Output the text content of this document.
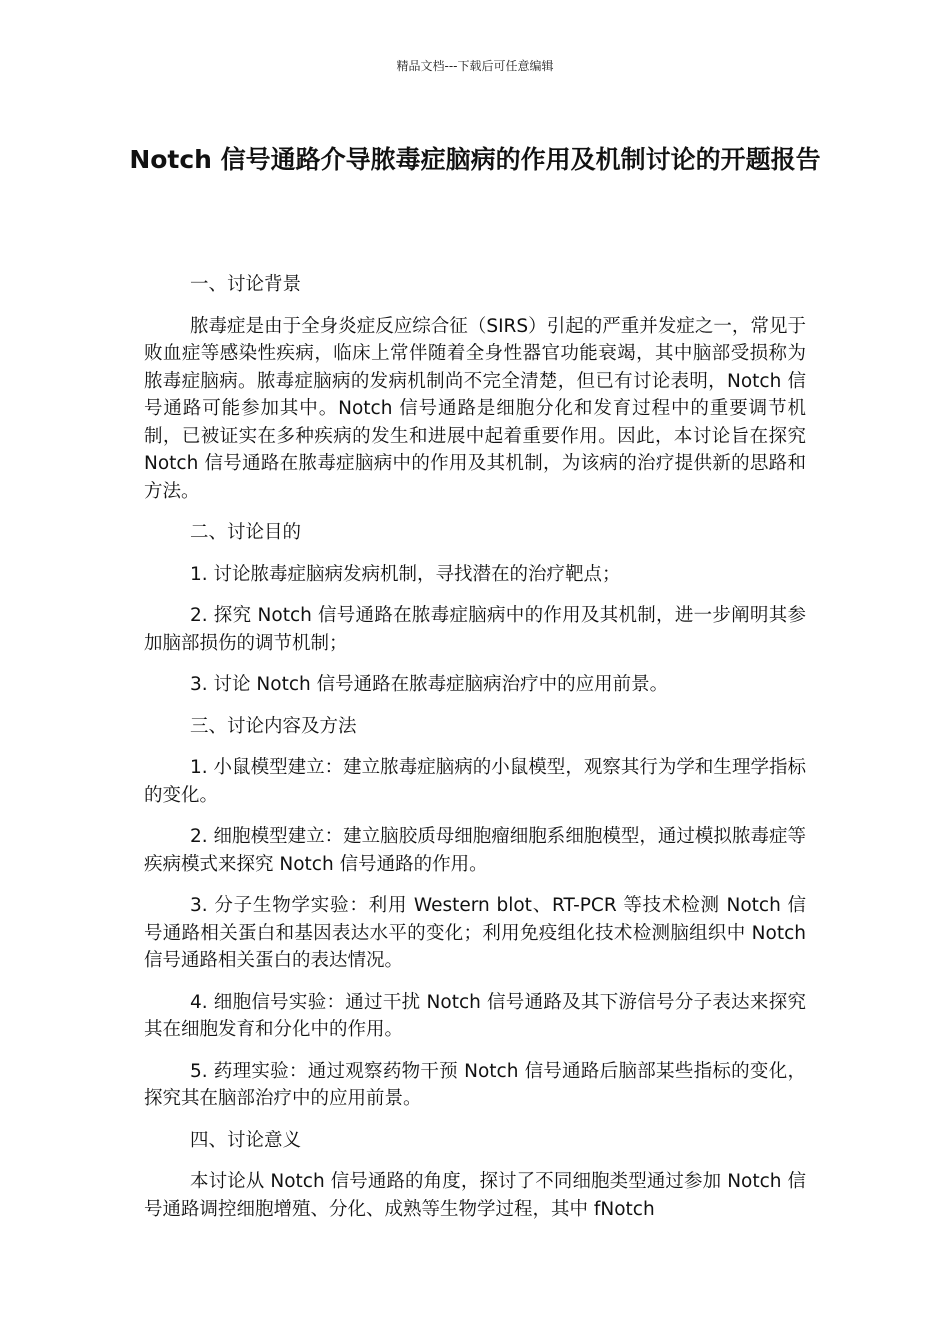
精品文档---下载后可任意编辑
Notch 信号通路介导脓毒症脑病的作用及机制讨论的开题报告

一、讨论背景

脓毒症是由于全身炎症反应综合征（SIRS）引起的严重并发症之一，常见于败血症等感染性疾病，临床上常伴随着全身性器官功能衰竭，其中脑部受损称为脓毒症脑病。脓毒症脑病的发病机制尚不完全清楚，但已有讨论表明，Notch 信号通路可能参加其中。Notch 信号通路是细胞分化和发育过程中的重要调节机制，已被证实在多种疾病的发生和进展中起着重要作用。因此，本讨论旨在探究 Notch 信号通路在脓毒症脑病中的作用及其机制，为该病的治疗提供新的思路和方法。

二、讨论目的

1. 讨论脓毒症脑病发病机制，寻找潜在的治疗靶点；

2. 探究 Notch 信号通路在脓毒症脑病中的作用及其机制，进一步阐明其参加脑部损伤的调节机制；

3. 讨论 Notch 信号通路在脓毒症脑病治疗中的应用前景。

三、讨论内容及方法

1. 小鼠模型建立：建立脓毒症脑病的小鼠模型，观察其行为学和生理学指标的变化。

2. 细胞模型建立：建立脑胶质母细胞瘤细胞系细胞模型，通过模拟脓毒症等疾病模式来探究 Notch 信号通路的作用。

3. 分子生物学实验：利用 Western blot、RT-PCR 等技术检测 Notch 信号通路相关蛋白和基因表达水平的变化；利用免疫组化技术检测脑组织中 Notch 信号通路相关蛋白的表达情况。

4. 细胞信号实验：通过干扰 Notch 信号通路及其下游信号分子表达来探究其在细胞发育和分化中的作用。

5. 药理实验：通过观察药物干预 Notch 信号通路后脑部某些指标的变化，探究其在脑部治疗中的应用前景。

四、讨论意义

本讨论从 Notch 信号通路的角度，探讨了不同细胞类型通过参加 Notch 信号通路调控细胞增殖、分化、成熟等生物学过程，其中 fNotch
